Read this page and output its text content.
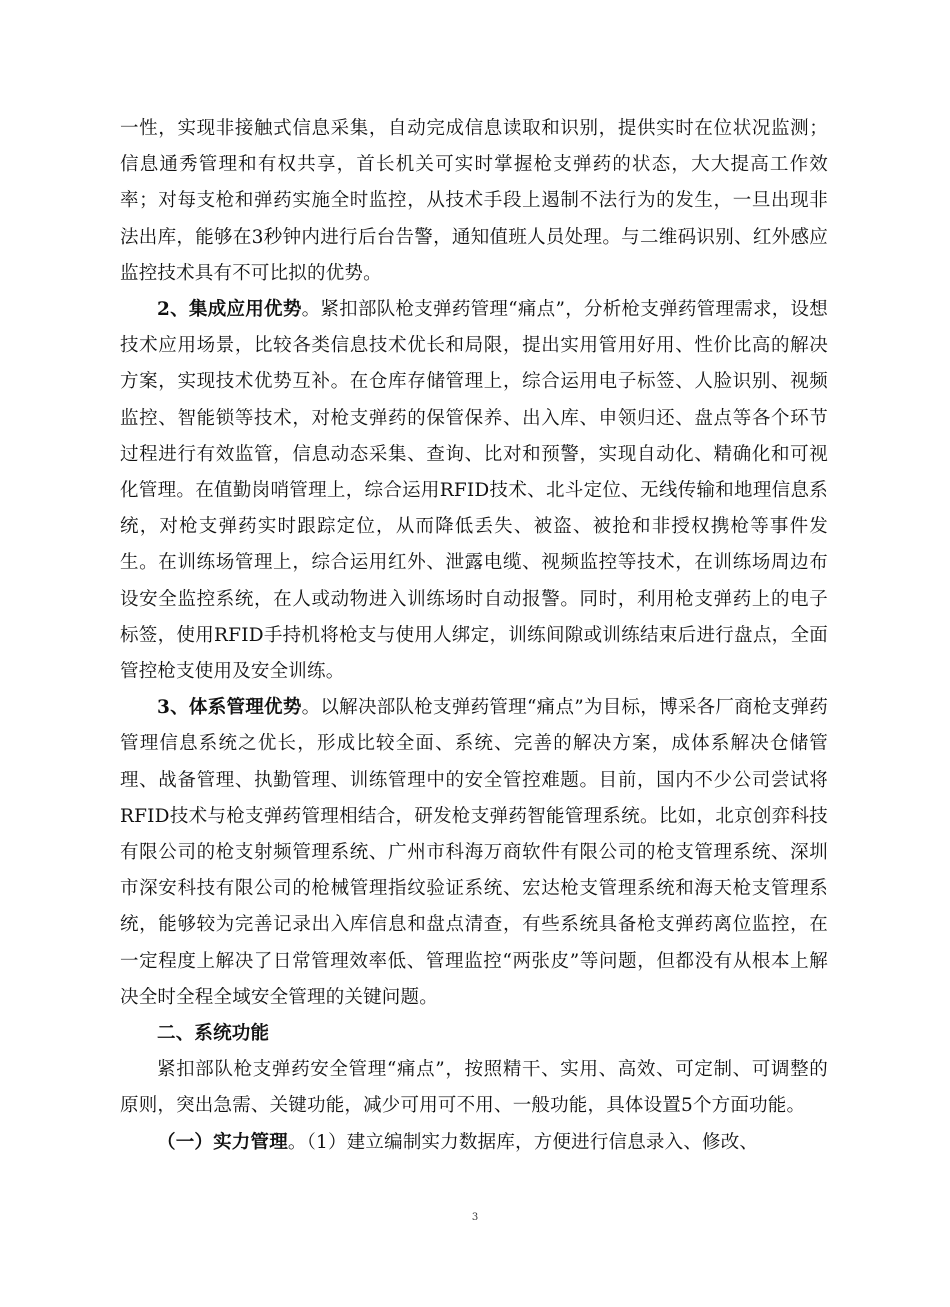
一性，实现非接触式信息采集，自动完成信息读取和识别，提供实时在位状况监测；信息通秀管理和有权共享，首长机关可实时掌握枪支弹药的状态，大大提高工作效率；对每支枪和弹药实施全时监控，从技术手段上遏制不法行为的发生，一旦出现非法出库，能够在3秒钟内进行后台告警，通知值班人员处理。与二维码识别、红外感应监控技术具有不可比拟的优势。

2、集成应用优势。紧扣部队枪支弹药管理“痛点”，分析枪支弹药管理需求，设想技术应用场景，比较各类信息技术优长和局限，提出实用管用好用、性价比高的解决方案，实现技术优势互补。在仓库存储管理上，综合运用电子标签、人脸识别、视频监控、智能锁等技术，对枪支弹药的保管保养、出入库、申领归还、盘点等各个环节过程进行有效监管，信息动态采集、查询、比对和预警，实现自动化、精确化和可视化管理。在值勤岗哨管理上，综合运用RFID技术、北斗定位、无线传输和地理信息系统，对枪支弹药实时跟踪定位，从而降低丢失、被盗、被抢和非授权携枪等事件发生。在训练场管理上，综合运用红外、泄露电缆、视频监控等技术，在训练场周边布设安全监控系统，在人或动物进入训练场时自动报警。同时，利用枪支弹药上的电子标签，使用RFID手持机将枪支与使用人绑定，训练间隙或训练结束后进行盘点，全面管控枪支使用及安全训练。

3、体系管理优势。以解决部队枪支弹药管理“痛点”为目标，博采各厂商枪支弹药管理信息系统之优长，形成比较全面、系统、完善的解决方案，成体系解决仓储管理、战备管理、执勤管理、训练管理中的安全管控难题。目前，国内不少公司尝试将RFID技术与枪支弹药管理相结合，研发枪支弹药智能管理系统。比如，北京创弈科技有限公司的枪支射频管理系统、广州市科海万商软件有限公司的枪支管理系统、深圳市深安科技有限公司的枪械管理指纹验证系统、宏达枪支管理系统和海天枪支管理系统，能够较为完善记录出入库信息和盘点清查，有些系统具备枪支弹药离位监控，在一定程度上解决了日常管理效率低、管理监控“两张皮”等问题，但都没有从根本上解决全时全程全域安全管理的关键问题。

二、系统功能

紧扣部队枪支弹药安全管理“痛点”，按照精干、实用、高效、可定制、可调整的原则，突出急需、关键功能，减少可用可不用、一般功能，具体设置5个方面功能。

（一）实力管理。（1）建立编制实力数据库，方便进行信息录入、修改、

3
